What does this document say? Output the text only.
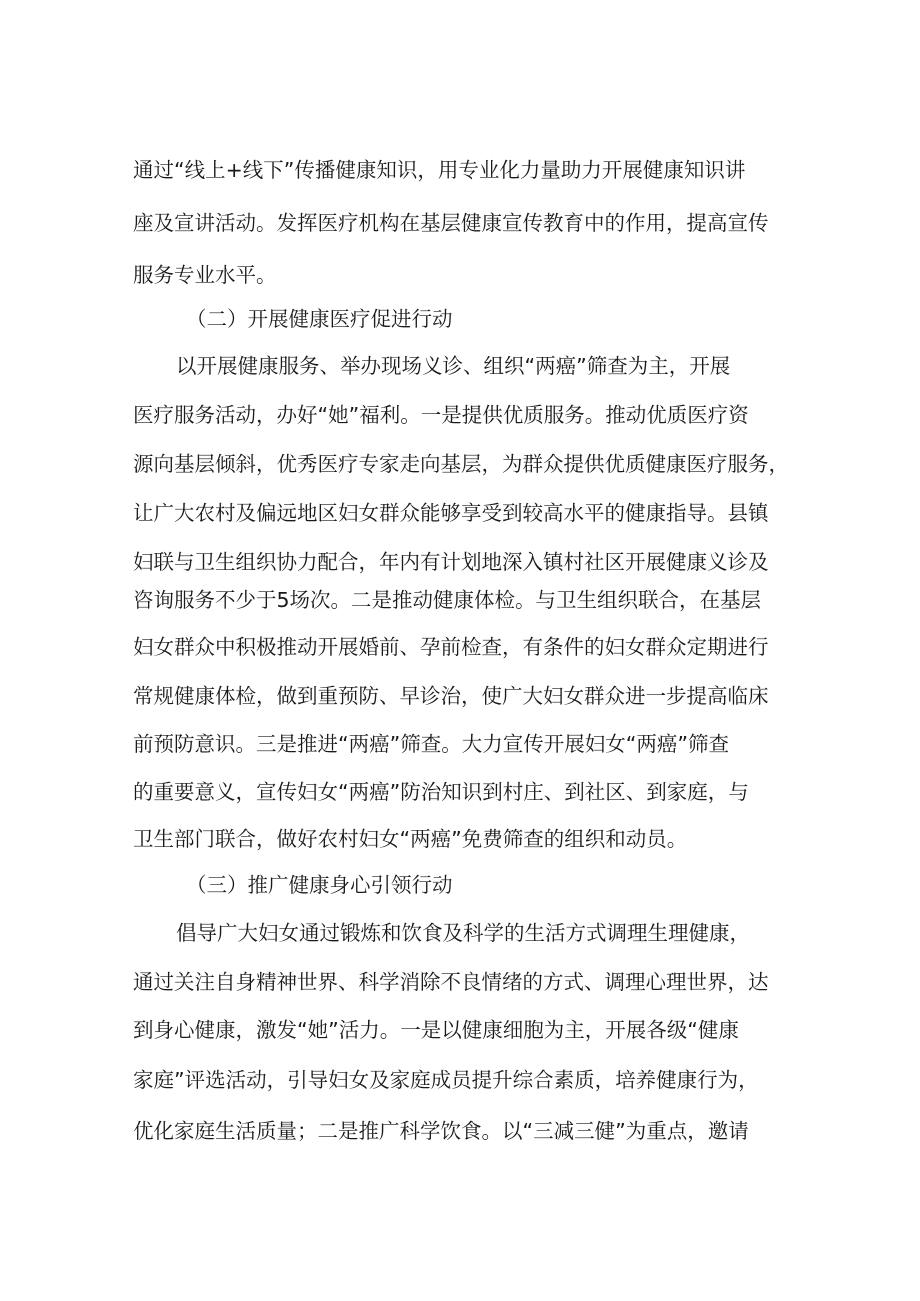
通过“线上+线下”传播健康知识，用专业化力量助力开展健康知识讲
座及宣讲活动。发挥医疗机构在基层健康宣传教育中的作用，提高宣传
服务专业水平。
（二）开展健康医疗促进行动
以开展健康服务、举办现场义诊、组织“两癌”筛查为主，开展
医疗服务活动，办好“她”福利。一是提供优质服务。推动优质医疗资
源向基层倾斜，优秀医疗专家走向基层，为群众提供优质健康医疗服务，
让广大农村及偏远地区妇女群众能够享受到较高水平的健康指导。县镇
妇联与卫生组织协力配合，年内有计划地深入镇村社区开展健康义诊及
咨询服务不少于5场次。二是推动健康体检。与卫生组织联合，在基层
妇女群众中积极推动开展婚前、孕前检查，有条件的妇女群众定期进行
常规健康体检，做到重预防、早诊治，使广大妇女群众进一步提高临床
前预防意识。三是推进“两癌”筛查。大力宣传开展妇女“两癌”筛查
的重要意义，宣传妇女“两癌”防治知识到村庄、到社区、到家庭，与
卫生部门联合，做好农村妇女“两癌”免费筛查的组织和动员。
（三）推广健康身心引领行动
倡导广大妇女通过锻炼和饮食及科学的生活方式调理生理健康，
通过关注自身精神世界、科学消除不良情绪的方式、调理心理世界，达
到身心健康，激发“她”活力。一是以健康细胞为主，开展各级“健康
家庭”评选活动，引导妇女及家庭成员提升综合素质，培养健康行为，
优化家庭生活质量；二是推广科学饮食。以“三减三健”为重点，邀请
